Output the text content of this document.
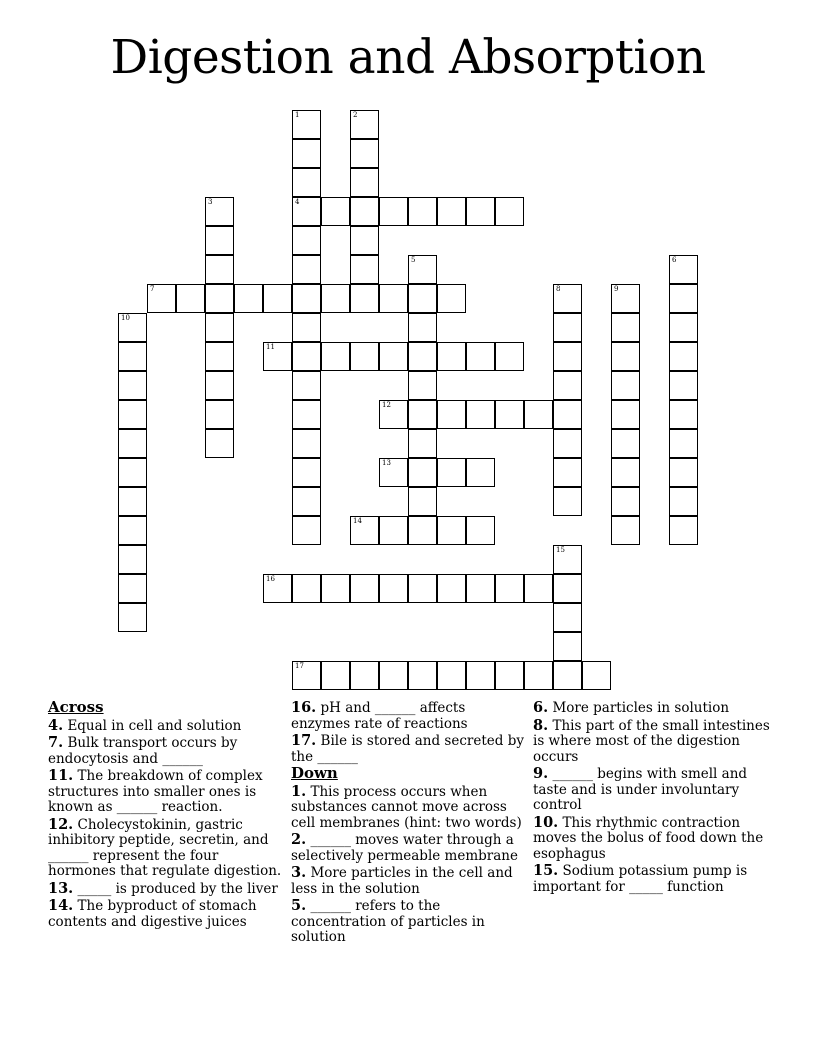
Digestion and Absorption
1
4
2
3
5	6
7	8	9
10
11
12
13
14
15
16
17
Across

4. Equal in cell and solution

7. Bulk transport occurs by endocytosis and ______

11. The breakdown of complex structures into smaller ones is known as ______ reaction.

12. Cholecystokinin, gastric inhibitory peptide, secretin, and ______ represent the four hormones that regulate digestion.

13. _____ is produced by the liver

14. The byproduct of stomach contents and digestive juices

16. pH and ______ affects enzymes rate of reactions

17. Bile is stored and secreted by the ______

Down

1. This process occurs when substances cannot move across cell membranes (hint: two words)

2. ______ moves water through a selectively permeable membrane

3. More particles in the cell and less in the solution

5. ______ refers to the concentration of particles in solution

6. More particles in solution

8. This part of the small intestines is where most of the digestion occurs

9. ______ begins with smell and taste and is under involuntary control

10. This rhythmic contraction moves the bolus of food down the esophagus

15. Sodium potassium pump is important for _____ function
